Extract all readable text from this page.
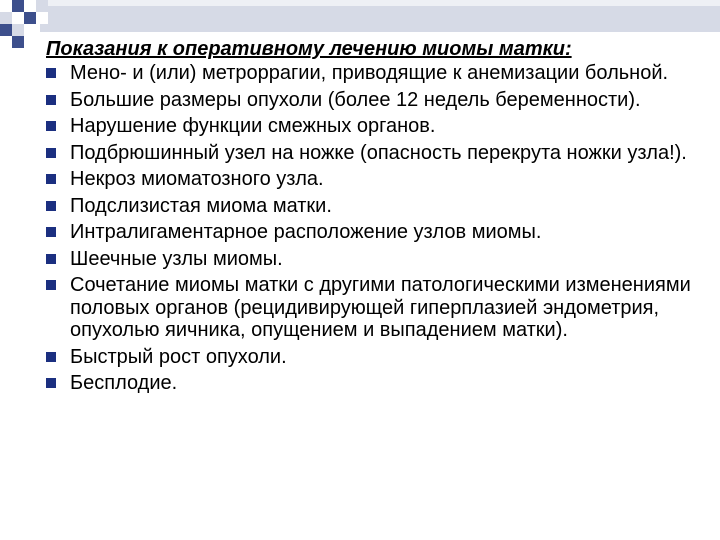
Показания к оперативному лечению миомы матки:
Мено- и (или) метроррагии, приводящие к анемизации больной.
Большие размеры опухоли (более 12 недель беременности).
Нарушение функции смежных органов.
Подбрюшинный узел на ножке (опасность перекрута ножки узла!).
Некроз миоматозного узла.
Подслизистая миома матки.
Интралигаментарное расположение узлов миомы.
Шеечные узлы миомы.
Сочетание миомы матки с другими патологическими изменениями половых органов (рецидивирующей гиперплазией эндометрия, опухолью яичника, опущением и выпадением матки).
Быстрый рост опухоли.
Бесплодие.
